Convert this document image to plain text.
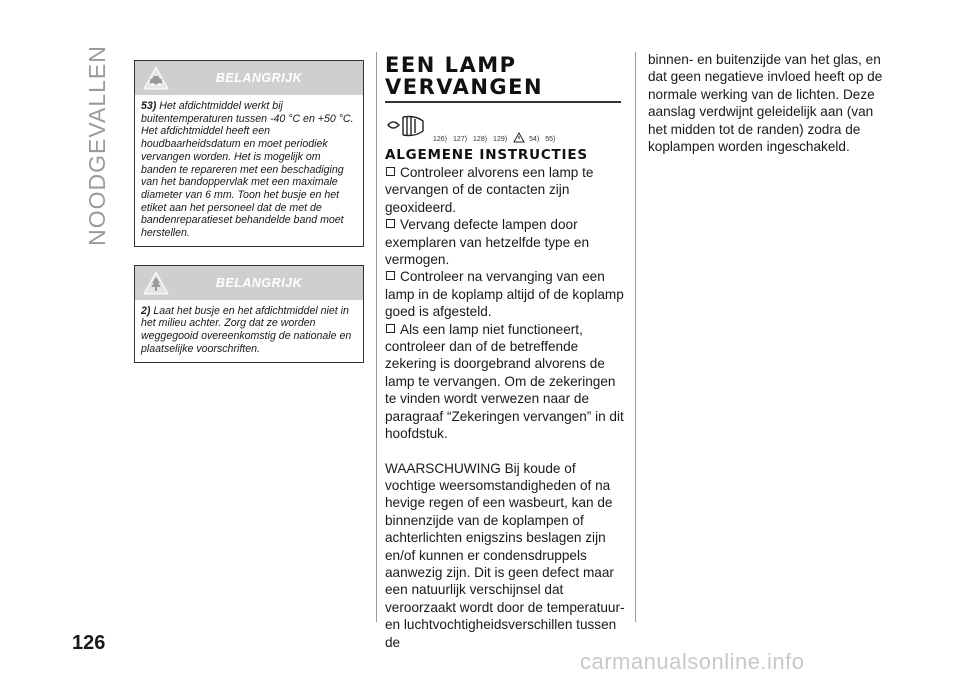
NOODGEVALLEN
126
BELANGRIJK
53) Het afdichtmiddel werkt bij buitentemperaturen tussen -40 °C en +50 °C. Het afdichtmiddel heeft een houdbaarheidsdatum en moet periodiek vervangen worden. Het is mogelijk om banden te repareren met een beschadiging van het bandoppervlak met een maximale diameter van 6 mm. Toon het busje en het etiket aan het personeel dat de met de bandenreparatieset behandelde band moet herstellen.
BELANGRIJK
2) Laat het busje en het afdichtmiddel niet in het milieu achter. Zorg dat ze worden weggegooid overeenkomstig de nationale en plaatselijke voorschriften.
EEN LAMP
VERVANGEN
126) 127) 128) 129)	54) 55)
ALGEMENE INSTRUCTIES
Controleer alvorens een lamp te vervangen of de contacten zijn geoxideerd.
Vervang defecte lampen door exemplaren van hetzelfde type en vermogen.
Controleer na vervanging van een lamp in de koplamp altijd of de koplamp goed is afgesteld.
Als een lamp niet functioneert, controleer dan of de betreffende zekering is doorgebrand alvorens de lamp te vervangen. Om de zekeringen te vinden wordt verwezen naar de paragraaf “Zekeringen vervangen” in dit hoofdstuk.
WAARSCHUWING Bij koude of vochtige weersomstandigheden of na hevige regen of een wasbeurt, kan de binnenzijde van de koplampen of achterlichten enigszins beslagen zijn en/of kunnen er condensdruppels aanwezig zijn. Dit is geen defect maar een natuurlijk verschijnsel dat veroorzaakt wordt door de temperatuur- en luchtvochtigheidsverschillen tussen de
binnen- en buitenzijde van het glas, en dat geen negatieve invloed heeft op de normale werking van de lichten. Deze aanslag verdwijnt geleidelijk aan (van het midden tot de randen) zodra de koplampen worden ingeschakeld.
carmanualsonline.info
